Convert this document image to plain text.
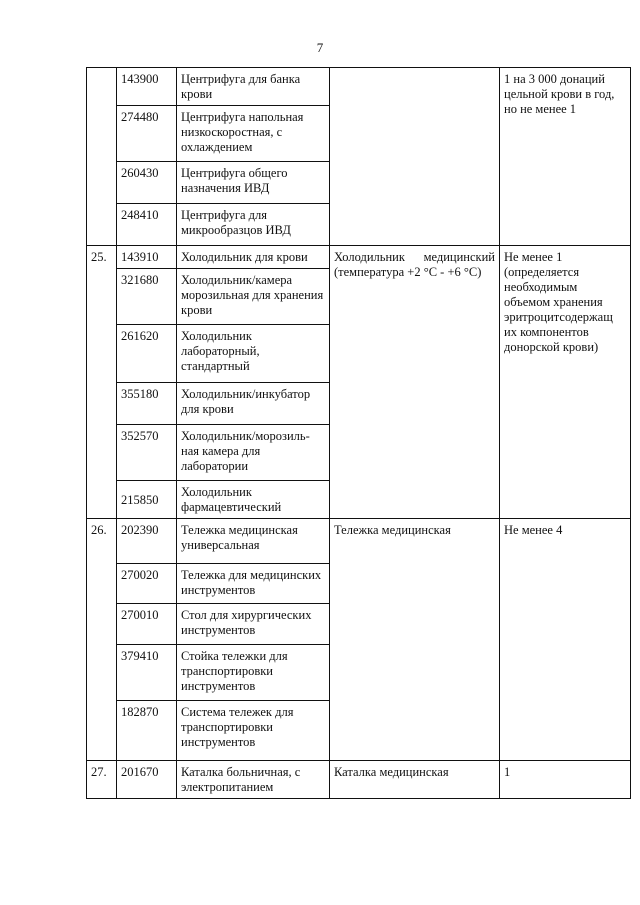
7
	143900	Центрифуга для банка крови		1 на 3 000 донаций цельной крови в год, но не менее 1
	274480	Центрифуга напольная низкоскоростная, с охлаждением		
	260430	Центрифуга общего назначения ИВД		
	248410	Центрифуга для микрообразцов ИВД		
25.	143910	Холодильник для крови	Холодильник медицинский (температура +2 °С - +6 °С)	Не менее 1 (определяется необходимым объемом хранения эритроцитсодержащ их компонентов донорской крови)
	321680	Холодильник/камера морозильная для хранения крови		
	261620	Холодильник лабораторный, стандартный		
	355180	Холодильник/инкубатор для крови		
	352570	Холодильник/морозиль-ная камера для лаборатории		
	215850	Холодильник фармацевтический		
26.	202390	Тележка медицинская универсальная	Тележка медицинская	Не менее 4
	270020	Тележка для медицинских инструментов		
	270010	Стол для хирургических инструментов		
	379410	Стойка тележки для транспортировки инструментов		
	182870	Система тележек для транспортировки инструментов		
27.	201670	Каталка больничная, с электропитанием	Каталка медицинская	1
